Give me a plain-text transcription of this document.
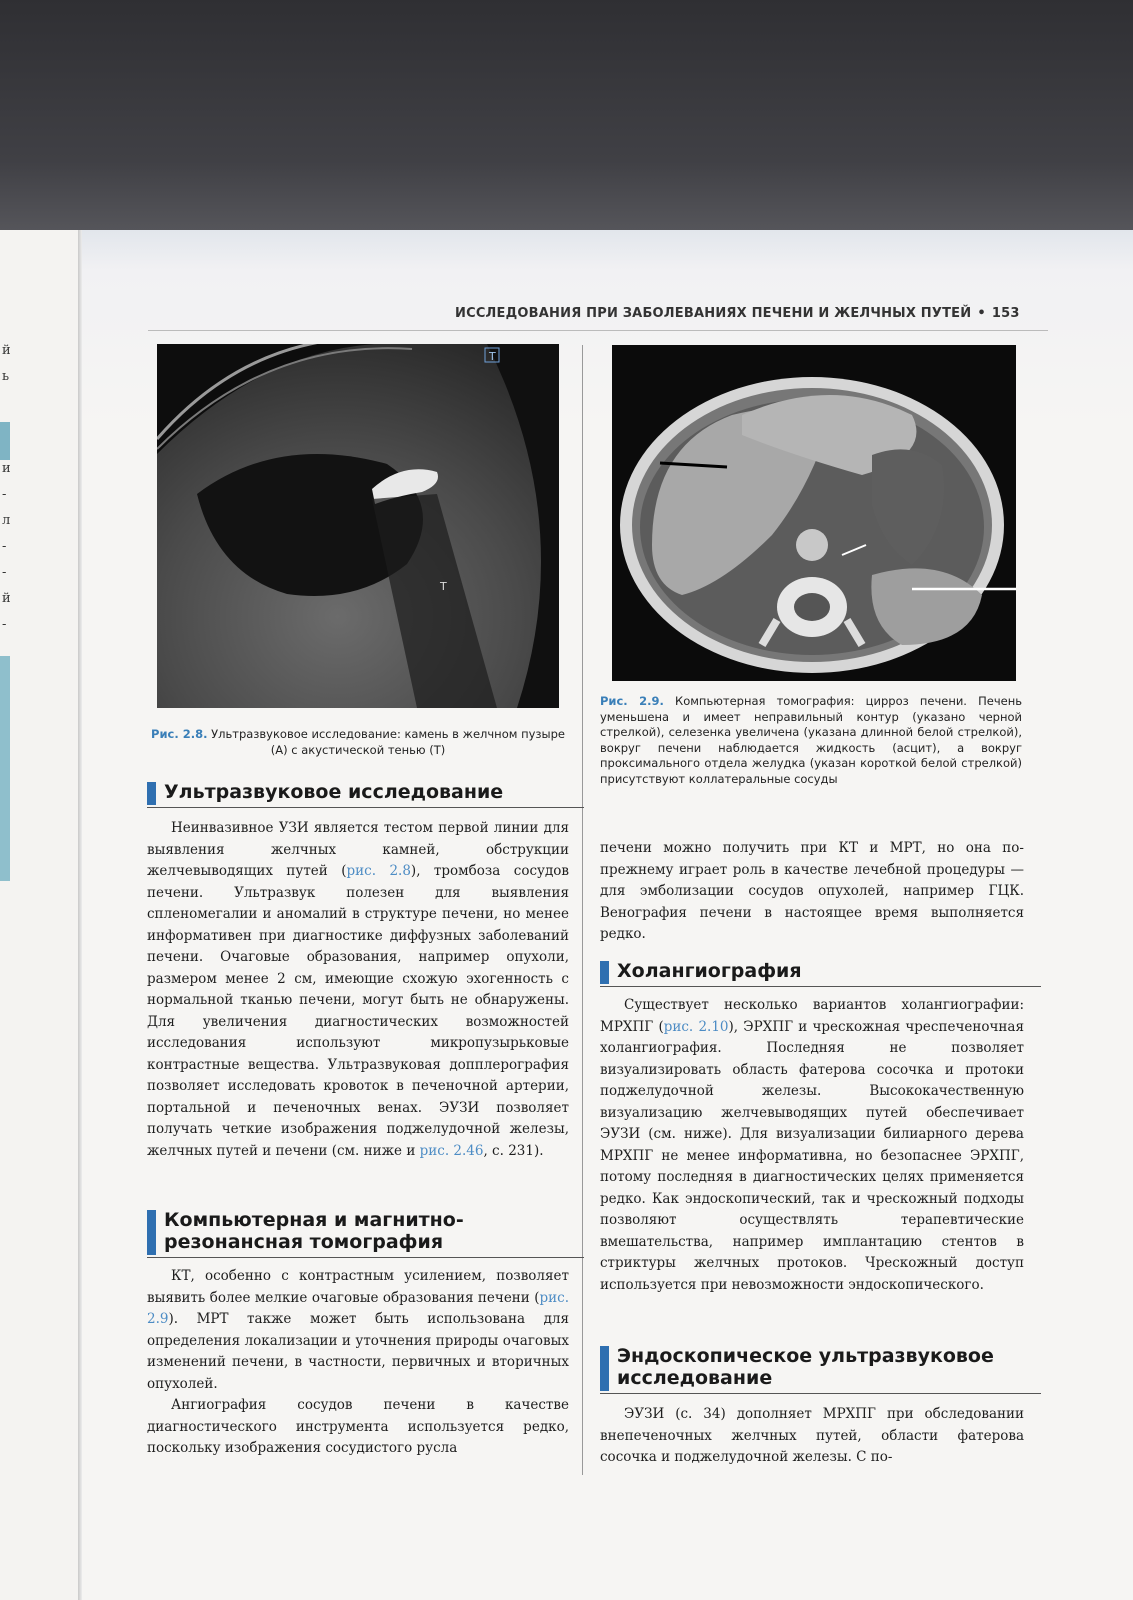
й
ь
и
-
л
-
-
й
-
ИССЛЕДОВАНИЯ ПРИ ЗАБОЛЕВАНИЯХ ПЕЧЕНИ И ЖЕЛЧНЫХ ПУТЕЙ • 153
T
T
Рис. 2.8. Ультразвуковое исследование: камень в желчном пузыре (А) с акустической тенью (Т)
Рис. 2.9. Компьютерная томография: цирроз печени. Печень уменьшена и имеет неправильный контур (указано черной стрелкой), селезенка увеличена (указана длинной белой стрелкой), вокруг печени наблюдается жидкость (асцит), а вокруг проксимального отдела желудка (указан короткой белой стрелкой) присутствуют коллатеральные сосуды
Ультразвуковое исследование

Неинвазивное УЗИ является тестом первой линии для выявления желчных камней, обструкции желчевыводящих путей (рис. 2.8), тромбоза сосудов печени. Ультразвук полезен для выявления спленомегалии и аномалий в структуре печени, но менее информативен при диагностике диффузных заболеваний печени. Очаговые образования, например опухоли, размером менее 2 см, имеющие схожую эхогенность с нормальной тканью печени, могут быть не обнаружены. Для увеличения диагностических возможностей исследования используют микропузырьковые контрастные вещества. Ультразвуковая допплерография позволяет исследовать кровоток в печеночной артерии, портальной и печеночных венах. ЭУЗИ позволяет получать четкие изображения поджелудочной железы, желчных путей и печени (см. ниже и рис. 2.46, с. 231).

Компьютерная и магнитно-резонансная томография

КТ, особенно с контрастным усилением, позволяет выявить более мелкие очаговые образования печени (рис. 2.9). МРТ также может быть использована для определения локализации и уточнения природы очаговых изменений печени, в частности, первичных и вторичных опухолей.

Ангиография сосудов печени в качестве диагностического инструмента используется редко, поскольку изображения сосудистого русла

печени можно получить при КТ и МРТ, но она по-прежнему играет роль в качестве лечебной процедуры — для эмболизации сосудов опухолей, например ГЦК. Венография печени в настоящее время выполняется редко.

Холангиография

Существует несколько вариантов холангиографии: МРХПГ (рис. 2.10), ЭРХПГ и чрескожная чреспеченочная холангиография. Последняя не позволяет визуализировать область фатерова сосочка и протоки поджелудочной железы. Высококачественную визуализацию желчевыводящих путей обеспечивает ЭУЗИ (см. ниже). Для визуализации билиарного дерева МРХПГ не менее информативна, но безопаснее ЭРХПГ, потому последняя в диагностических целях применяется редко. Как эндоскопический, так и чрескожный подходы позволяют осуществлять терапевтические вмешательства, например имплантацию стентов в стриктуры желчных протоков. Чрескожный доступ используется при невозможности эндоскопического.

Эндоскопическое ультразвуковое исследование

ЭУЗИ (с. 34) дополняет МРХПГ при обследовании внепеченочных желчных путей, области фатерова сосочка и поджелудочной железы. С по-
